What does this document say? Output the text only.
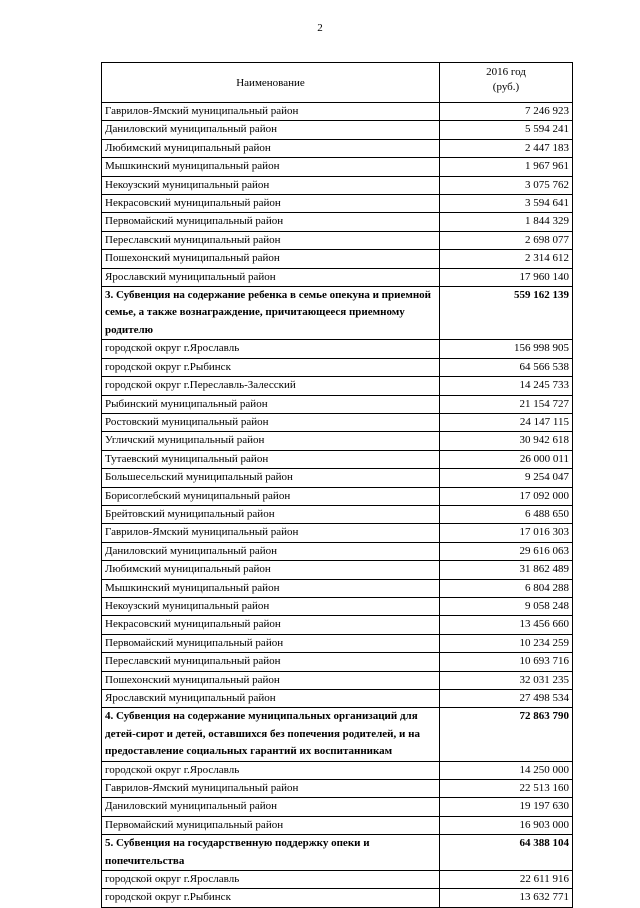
2
Наименование	2016 год
(руб.)

Гаврилов-Ямский муниципальный район	7 246 923
Даниловский муниципальный район	5 594 241
Любимский муниципальный район	2 447 183
Мышкинский муниципальный район	1 967 961
Некоузский муниципальный район	3 075 762
Некрасовский муниципальный район	3 594 641
Первомайский муниципальный район	1 844 329
Переславский муниципальный район	2 698 077
Пошехонский муниципальный район	2 314 612
Ярославский муниципальный район	17 960 140
3. Субвенция на содержание ребенка в семье опекуна и приемной семье, а также вознаграждение, причитающееся приемному родителю	559 162 139
городской округ г.Ярославль	156 998 905
городской округ г.Рыбинск	64 566 538
городской округ г.Переславль-Залесский	14 245 733
Рыбинский муниципальный район	21 154 727
Ростовский муниципальный район	24 147 115
Угличский муниципальный район	30 942 618
Тутаевский муниципальный район	26 000 011
Большесельский муниципальный район	9 254 047
Борисоглебский муниципальный район	17 092 000
Брейтовский муниципальный район	6 488 650
Гаврилов-Ямский муниципальный район	17 016 303
Даниловский муниципальный район	29 616 063
Любимский муниципальный район	31 862 489
Мышкинский муниципальный район	6 804 288
Некоузский муниципальный район	9 058 248
Некрасовский муниципальный район	13 456 660
Первомайский муниципальный район	10 234 259
Переславский муниципальный район	10 693 716
Пошехонский муниципальный район	32 031 235
Ярославский муниципальный район	27 498 534
4. Субвенция на содержание муниципальных организаций для детей-сирот и детей, оставшихся без попечения родителей, и на предоставление социальных гарантий их воспитанникам	72 863 790
городской округ г.Ярославль	14 250 000
Гаврилов-Ямский муниципальный район	22 513 160
Даниловский муниципальный район	19 197 630
Первомайский муниципальный район	16 903 000
5. Субвенция на государственную поддержку опеки и попечительства	64 388 104
городской округ г.Ярославль	22 611 916
городской округ г.Рыбинск	13 632 771
